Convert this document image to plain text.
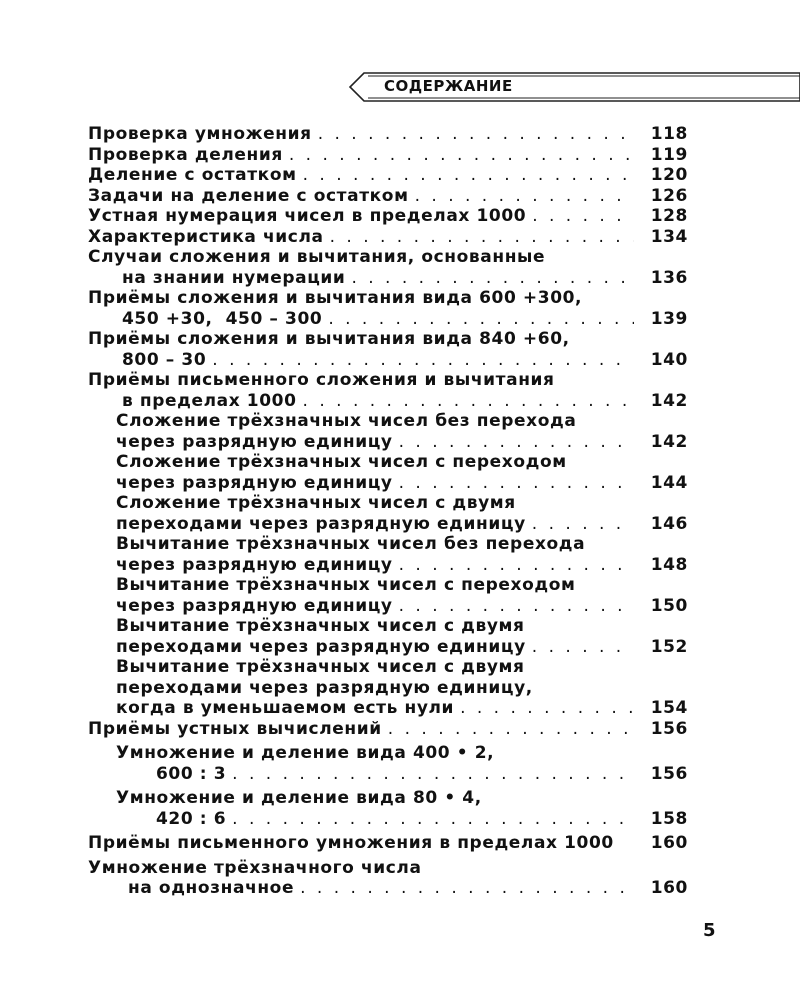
СОДЕРЖАНИЕ
Проверка умножения . . .	118
Проверка деления . . .	119
Деление с остатком . . .	120
Задачи на деление с остатком . . .	126
Устная нумерация чисел в пределах 1000 . . .	128
Характеристика числа . . .	134
Случаи сложения и вычитания, основанные
на знании нумерации . . .	136
Приёмы сложения и вычитания вида 600 +300,
450 +30,  450 – 300 . . .	139
Приёмы сложения и вычитания вида 840 +60,
800 – 30 . . .	140
Приёмы письменного сложения и вычитания
в пределах 1000 . . .	142
Сложение трёхзначных чисел без перехода
через разрядную единицу . . .	142
Сложение трёхзначных чисел с переходом
через разрядную единицу . . .	144
Сложение трёхзначных чисел с двумя
переходами через разрядную единицу . . .	146
Вычитание трёхзначных чисел без перехода
через разрядную единицу . . .	148
Вычитание трёхзначных чисел с переходом
через разрядную единицу . . .	150
Вычитание трёхзначных чисел с двумя
переходами через разрядную единицу . . .	152
Вычитание трёхзначных чисел с двумя
переходами через разрядную единицу,
когда в уменьшаемом есть нули . . .	154
Приёмы устных вычислений . . .	156
Умножение и деление вида 400 • 2,
600 : 3 . . .	156
Умножение и деление вида 80 • 4,
420 : 6 . . .	158
Приёмы письменного умножения в пределах 1000	160
Умножение трёхзначного числа
на однозначное . . .	160
5
